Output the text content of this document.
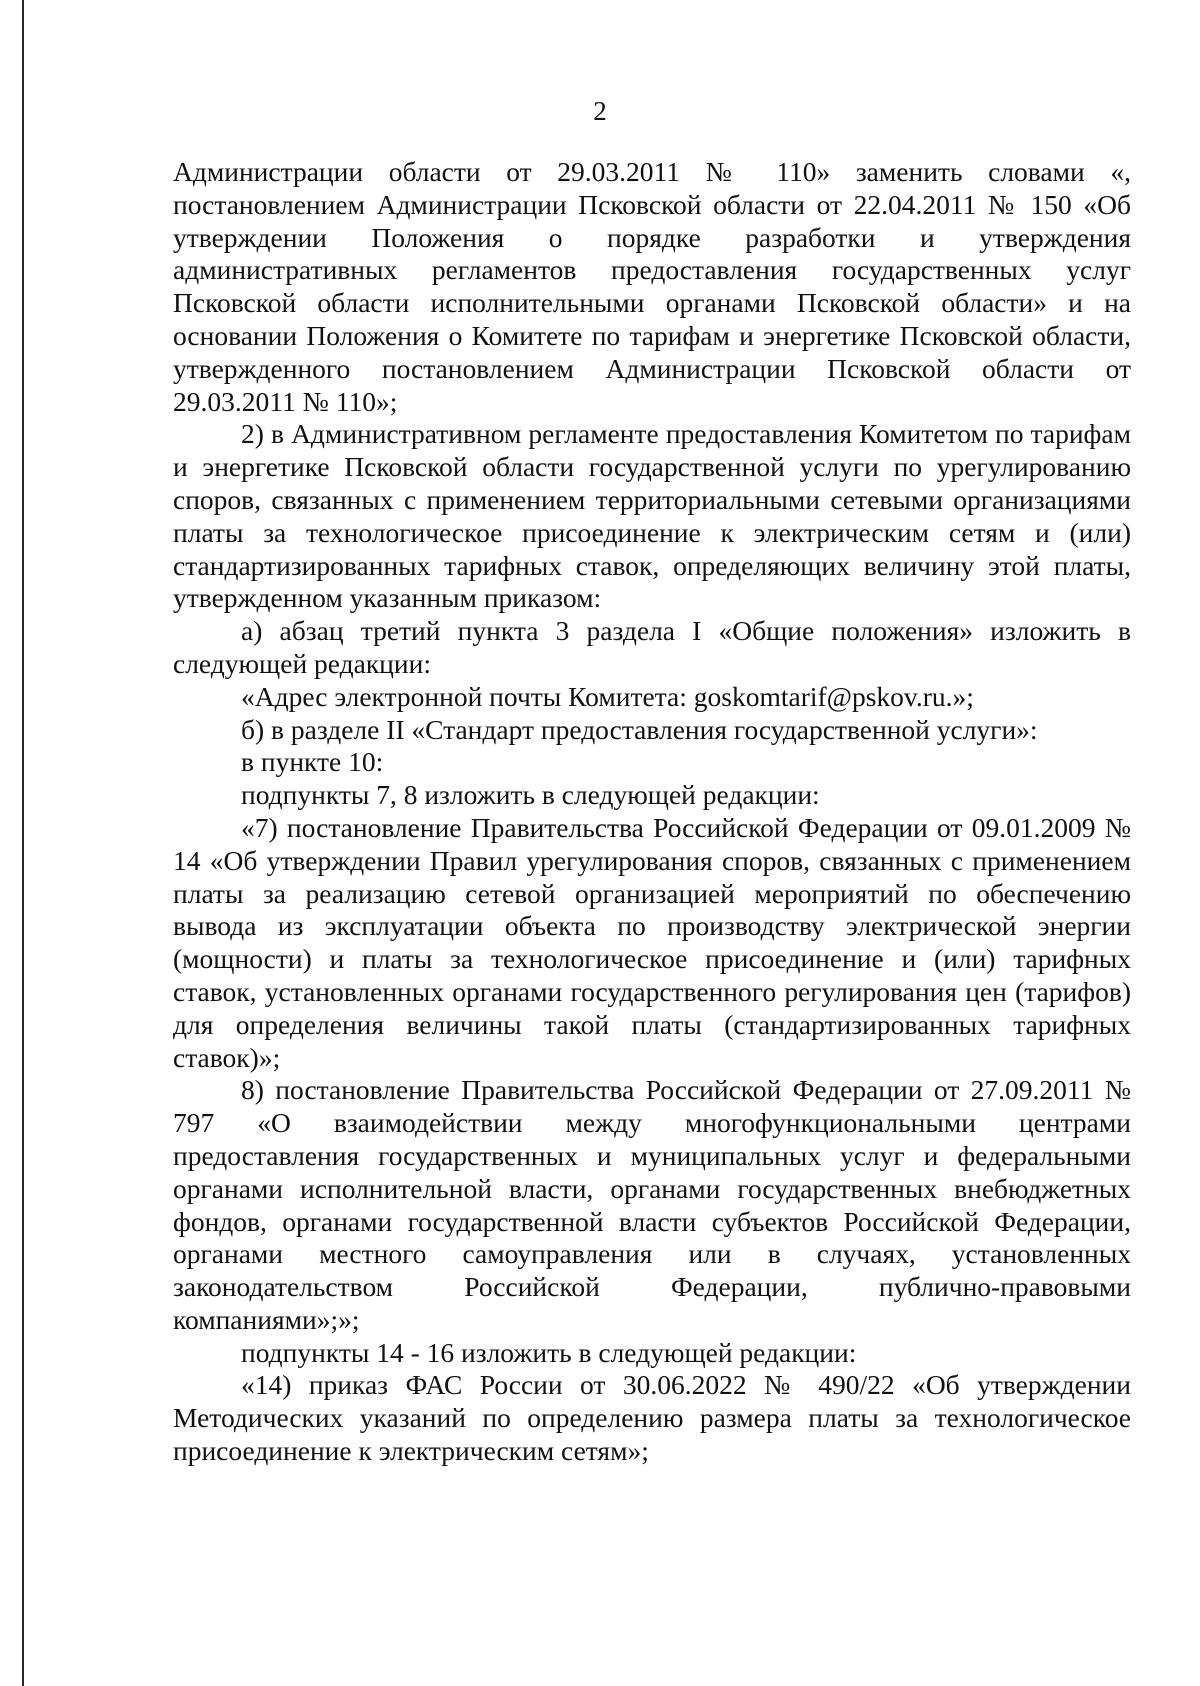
2

Администрации области от 29.03.2011 № 110» заменить словами «, постановлением Администрации Псковской области от 22.04.2011 № 150 «Об утверждении Положения о порядке разработки и утверждения административных регламентов предоставления государственных услуг Псковской области исполнительными органами Псковской области» и на основании Положения о Комитете по тарифам и энергетике Псковской области, утвержденного постановлением Администрации Псковской области от 29.03.2011 № 110»;

2) в Административном регламенте предоставления Комитетом по тарифам и энергетике Псковской области государственной услуги по урегулированию споров, связанных с применением территориальными сетевыми организациями платы за технологическое присоединение к электрическим сетям и (или) стандартизированных тарифных ставок, определяющих величину этой платы, утвержденном указанным приказом:

а) абзац третий пункта 3 раздела I «Общие положения» изложить в следующей редакции:

«Адрес электронной почты Комитета: goskomtarif@pskov.ru.»;

б) в разделе II «Стандарт предоставления государственной услуги»:

в пункте 10:

подпункты 7, 8 изложить в следующей редакции:

«7) постановление Правительства Российской Федерации от 09.01.2009 № 14 «Об утверждении Правил урегулирования споров, связанных с применением платы за реализацию сетевой организацией мероприятий по обеспечению вывода из эксплуатации объекта по производству электрической энергии (мощности) и платы за технологическое присоединение и (или) тарифных ставок, установленных органами государственного регулирования цен (тарифов) для определения величины такой платы (стандартизированных тарифных ставок)»;

8) постановление Правительства Российской Федерации от 27.09.2011 № 797 «О взаимодействии между многофункциональными центрами предоставления государственных и муниципальных услуг и федеральными органами исполнительной власти, органами государственных внебюджетных фондов, органами государственной власти субъектов Российской Федерации, органами местного самоуправления или в случаях, установленных законодательством Российской Федерации, публично-правовыми компаниями»;»;

подпункты 14 - 16 изложить в следующей редакции:

«14) приказ ФАС России от 30.06.2022 № 490/22 «Об утверждении Методических указаний по определению размера платы за технологическое присоединение к электрическим сетям»;
